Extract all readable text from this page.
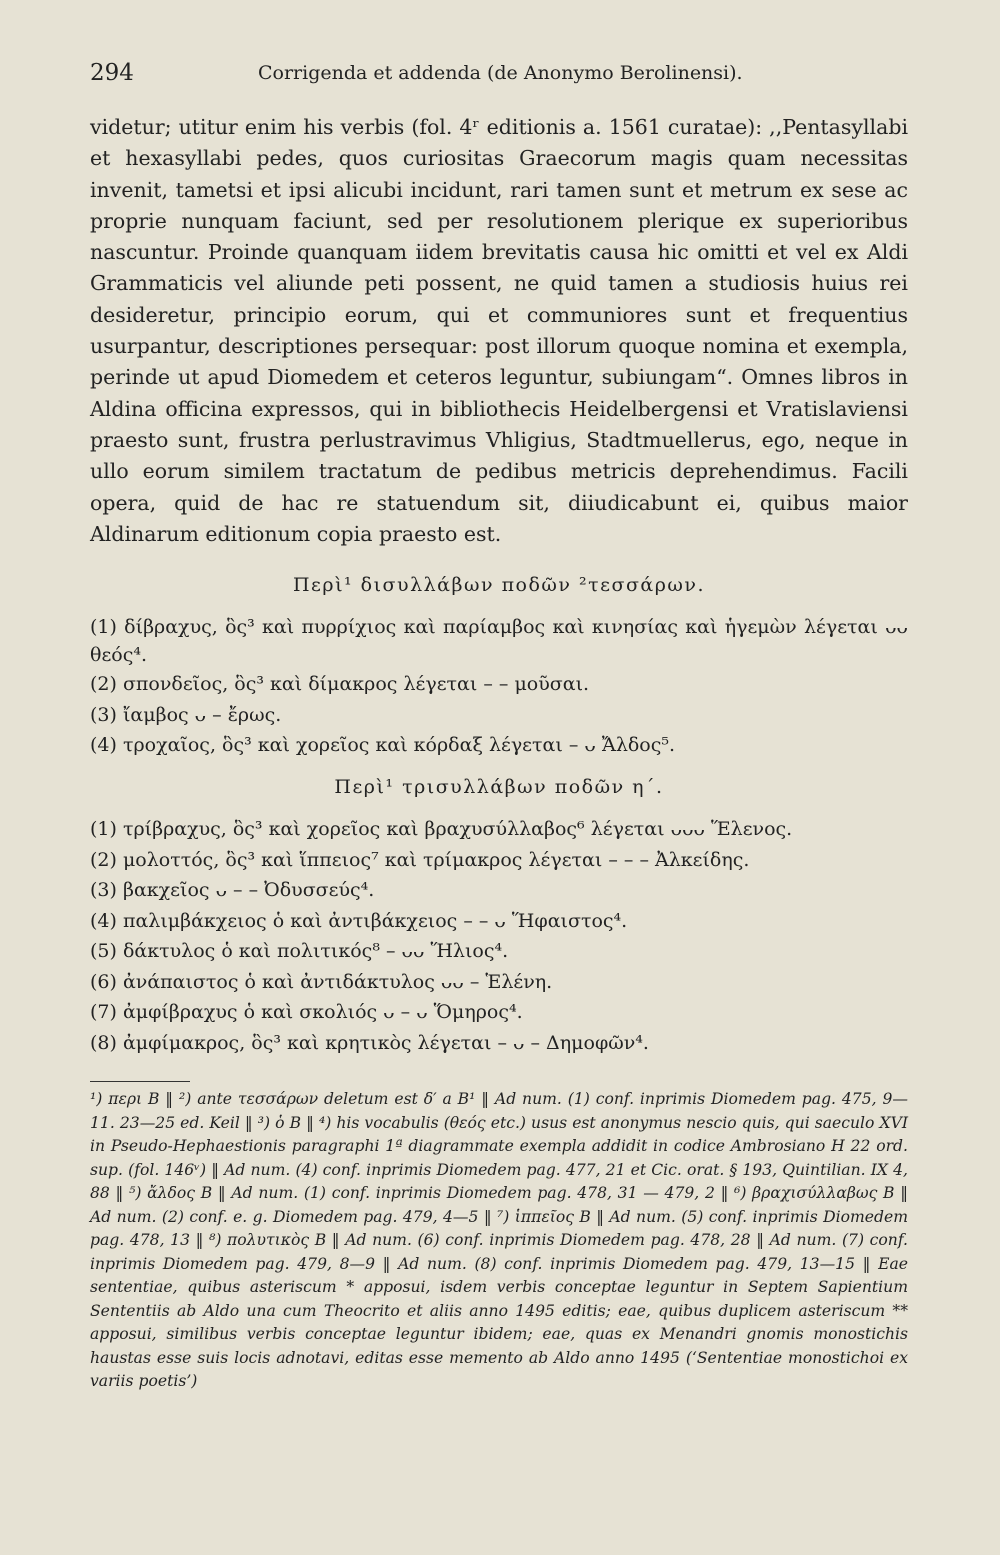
294	Corrigenda et addenda (de Anonymo Berolinensi).

videtur; utitur enim his verbis (fol. 4ʳ editionis a. 1561 curatae): ,,Pentasyllabi et hexasyllabi pedes, quos curiositas Graecorum magis quam necessitas invenit, tametsi et ipsi alicubi incidunt, rari tamen sunt et metrum ex sese ac proprie nunquam faciunt, sed per resolutionem plerique ex superioribus nascuntur. Proinde quanquam iidem brevitatis causa hic omitti et vel ex Aldi Grammaticis vel aliunde peti possent, ne quid tamen a studiosis huius rei desideretur, principio eorum, qui et communiores sunt et frequentius usurpantur, descriptiones persequar: post illorum quoque nomina et exempla, perinde ut apud Diomedem et ceteros leguntur, subiungam“. Omnes libros in Aldina officina expressos, qui in bibliothecis Heidelbergensi et Vratislaviensi praesto sunt, frustra perlustravimus Vhligius, Stadtmuellerus, ego, neque in ullo eorum similem tractatum de pedibus metricis deprehendimus. Facili opera, quid de hac re statuendum sit, diiudicabunt ei, quibus maior Aldinarum editionum copia praesto est.

Περὶ¹ δισυλλάβων ποδῶν ²τεσσάρων.
(1) δίβραχυς, ὃς³ καὶ πυρρίχιος καὶ παρίαμβος καὶ κινησίας καὶ ἡγεμὼν λέγεται ᴗᴗ θεός⁴.
(2) σπονδεῖος, ὃς³ καὶ δίμακρος λέγεται – – μοῦσαι.
(3) ἴαμβος ᴗ – ἔρως.
(4) τροχαῖος, ὃς³ καὶ χορεῖος καὶ κόρδαξ λέγεται – ᴗ Ἄλδος⁵.
Περὶ¹ τρισυλλάβων ποδῶν η΄.
(1) τρίβραχυς, ὃς³ καὶ χορεῖος καὶ βραχυσύλλαβος⁶ λέγεται ᴗᴗᴗ Ἕλενος.
(2) μολοττός, ὃς³ καὶ ἵππειος⁷ καὶ τρίμακρος λέγεται – – – Ἀλκείδης.
(3) βακχεῖος ᴗ – – Ὀδυσσεύς⁴.
(4) παλιμβάκχειος ὁ καὶ ἀντιβάκχειος – – ᴗ Ἥφαιστος⁴.
(5) δάκτυλος ὁ καὶ πολιτικός⁸ – ᴗᴗ Ἥλιος⁴.
(6) ἀνάπαιστος ὁ καὶ ἀντιδάκτυλος ᴗᴗ – Ἑλένη.
(7) ἀμφίβραχυς ὁ καὶ σκολιός ᴗ – ᴗ Ὅμηρος⁴.
(8) ἀμφίμακρος, ὃς³ καὶ κρητικὸς λέγεται – ᴗ – Δημοφῶν⁴.

¹) περι B ‖ ²) ante τεσσάρων deletum est δ′ a B¹ ‖ Ad num. (1) conf. inprimis Diomedem pag. 475, 9—11. 23—25 ed. Keil ‖ ³) ὁ B ‖ ⁴) his vocabulis (θεός etc.) usus est anonymus nescio quis, qui saeculo XVI in Pseudo-Hephaestionis paragraphi 1ª diagrammate exempla addidit in codice Ambrosiano H 22 ord. sup. (fol. 146ᵛ) ‖ Ad num. (4) conf. inprimis Diomedem pag. 477, 21 et Cic. orat. § 193, Quintilian. IX 4, 88 ‖ ⁵) ἄλδος B ‖ Ad num. (1) conf. inprimis Diomedem pag. 478, 31 — 479, 2 ‖ ⁶) βραχισύλλαβως B ‖ Ad num. (2) conf. e. g. Diomedem pag. 479, 4—5 ‖ ⁷) ἱππεῖος B ‖ Ad num. (5) conf. inprimis Diomedem pag. 478, 13 ‖ ⁸) πολυτικὸς B ‖ Ad num. (6) conf. inprimis Diomedem pag. 478, 28 ‖ Ad num. (7) conf. inprimis Diomedem pag. 479, 8—9 ‖ Ad num. (8) conf. inprimis Diomedem pag. 479, 13—15 ‖ Eae sententiae, quibus asteriscum * apposui, isdem verbis conceptae leguntur in Septem Sapientium Sententiis ab Aldo una cum Theocrito et aliis anno 1495 editis; eae, quibus duplicem asteriscum ** apposui, similibus verbis conceptae leguntur ibidem; eae, quas ex Menandri gnomis monostichis haustas esse suis locis adnotavi, editas esse memento ab Aldo anno 1495 (‘Sententiae monostichoi ex variis poetis’)
